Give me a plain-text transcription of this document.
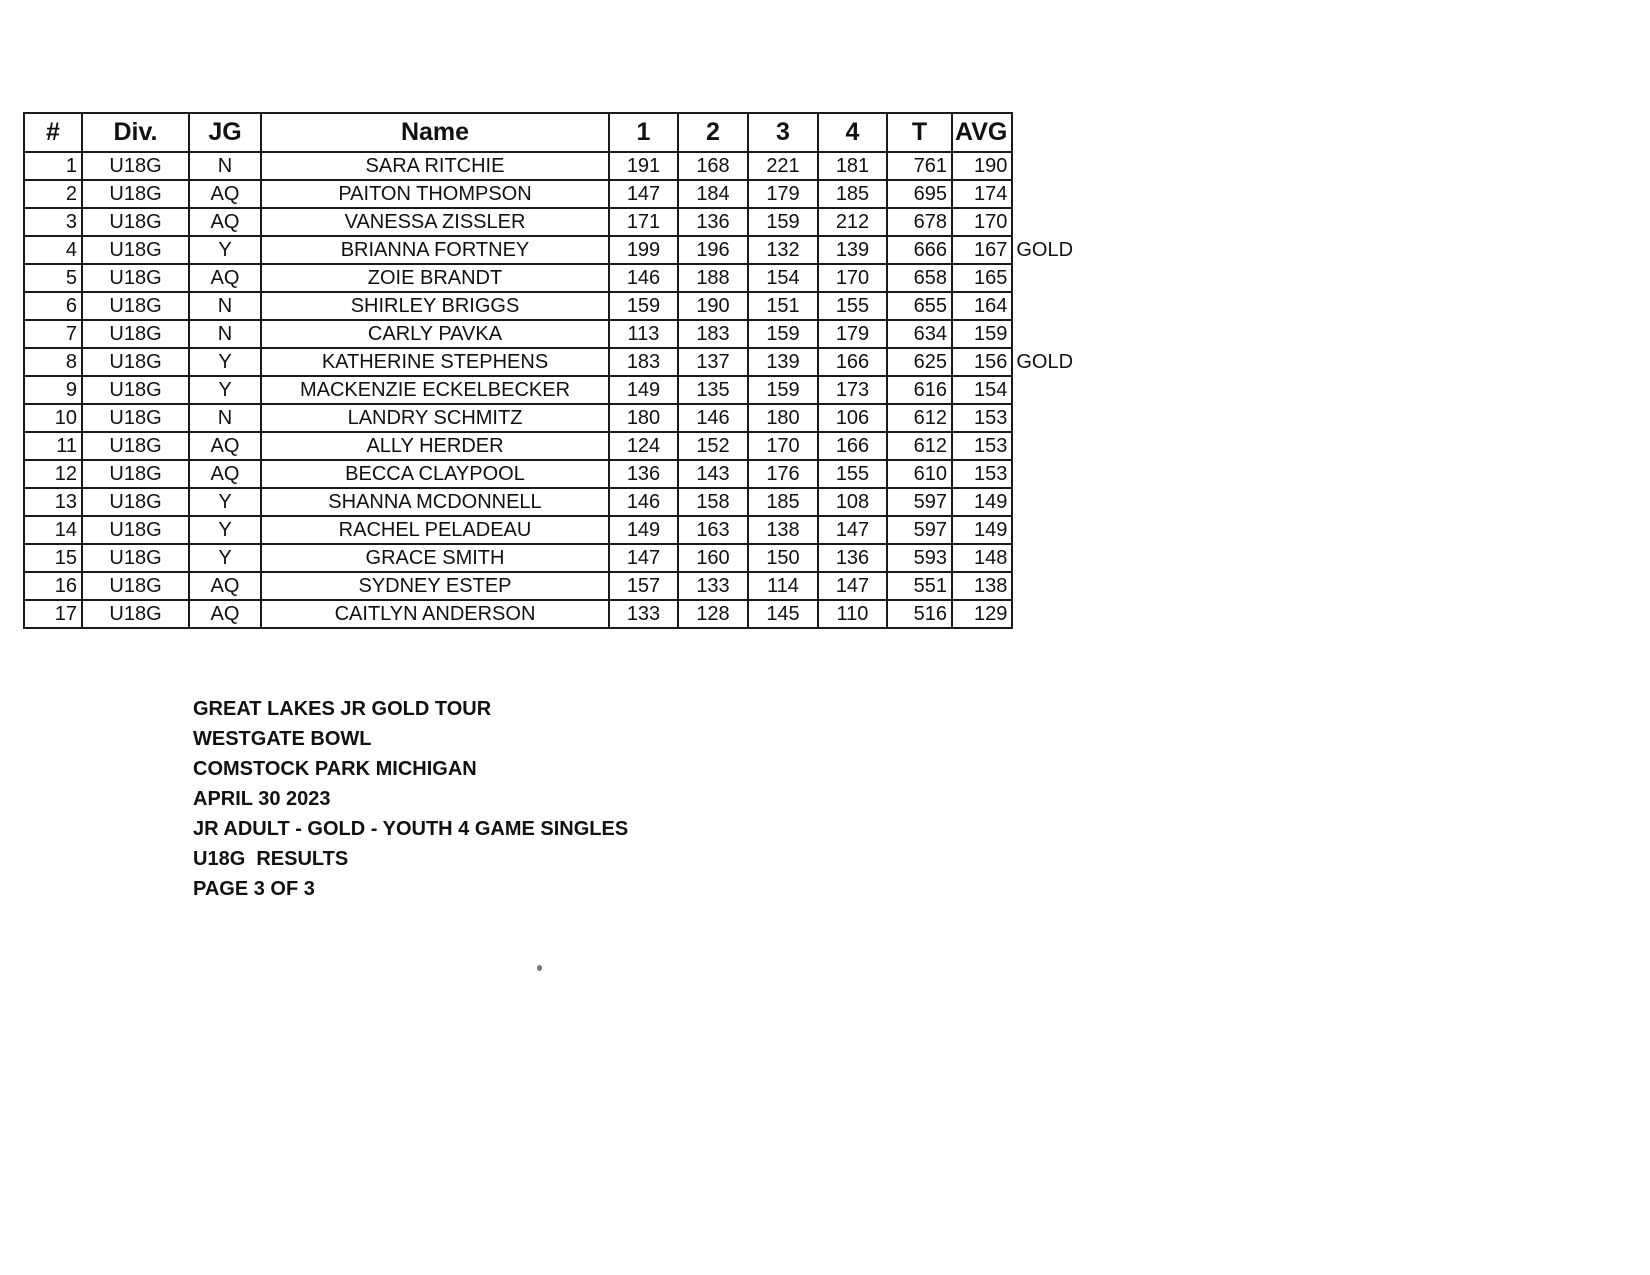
#	Div.	JG	Name	1	2	3	4	T	AVG	
1	U18G	N	SARA RITCHIE	191	168	221	181	761	190	
2	U18G	AQ	PAITON THOMPSON	147	184	179	185	695	174	
3	U18G	AQ	VANESSA ZISSLER	171	136	159	212	678	170	
4	U18G	Y	BRIANNA FORTNEY	199	196	132	139	666	167	GOLD
5	U18G	AQ	ZOIE BRANDT	146	188	154	170	658	165	
6	U18G	N	SHIRLEY BRIGGS	159	190	151	155	655	164	
7	U18G	N	CARLY PAVKA	113	183	159	179	634	159	
8	U18G	Y	KATHERINE STEPHENS	183	137	139	166	625	156	GOLD
9	U18G	Y	MACKENZIE ECKELBECKER	149	135	159	173	616	154	
10	U18G	N	LANDRY SCHMITZ	180	146	180	106	612	153	
11	U18G	AQ	ALLY HERDER	124	152	170	166	612	153	
12	U18G	AQ	BECCA CLAYPOOL	136	143	176	155	610	153	
13	U18G	Y	SHANNA MCDONNELL	146	158	185	108	597	149	
14	U18G	Y	RACHEL PELADEAU	149	163	138	147	597	149	
15	U18G	Y	GRACE SMITH	147	160	150	136	593	148	
16	U18G	AQ	SYDNEY ESTEP	157	133	114	147	551	138	
17	U18G	AQ	CAITLYN ANDERSON	133	128	145	110	516	129	
GREAT LAKES JR GOLD TOUR
WESTGATE BOWL
COMSTOCK PARK MICHIGAN
APRIL 30 2023
JR ADULT - GOLD - YOUTH 4 GAME SINGLES
U18G  RESULTS
PAGE 3 OF 3
